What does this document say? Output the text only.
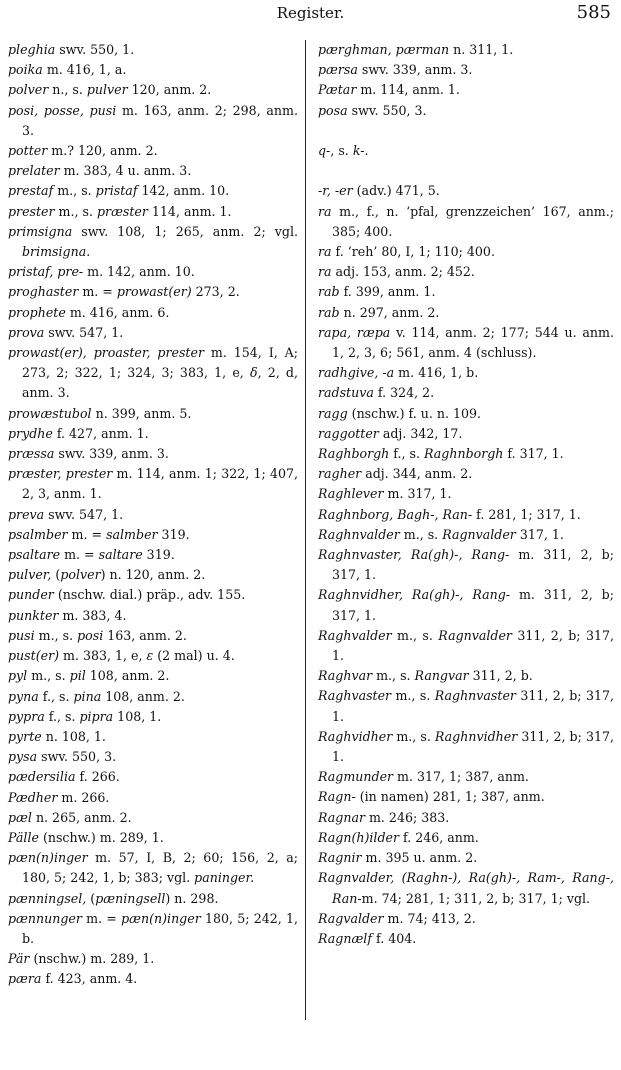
Register.	585

pleghia swv. 550, 1.

poika m. 416, 1, a.

polver n., s. pulver 120, anm. 2.

posi, posse, pusi m. 163, anm. 2; 298, anm. 3.

potter m.? 120, anm. 2.

prelater m. 383, 4 u. anm. 3.

prestaf m., s. pristaf 142, anm. 10.

prester m., s. præster 114, anm. 1.

primsigna swv. 108, 1; 265, anm. 2; vgl. brimsigna.

pristaf, pre- m. 142, anm. 10.

proghaster m. = prowast(er) 273, 2.

prophete m. 416, anm. 6.

prova swv. 547, 1.

prowast(er), proaster, prester m. 154, I, A; 273, 2; 322, 1; 324, 3; 383, 1, e, δ, 2, d, anm. 3.

prowæstubol n. 399, anm. 5.

prydhe f. 427, anm. 1.

præssa swv. 339, anm. 3.

præster, prester m. 114, anm. 1; 322, 1; 407, 2, 3, anm. 1.

preva swv. 547, 1.

psalmber m. = salmber 319.

psaltare m. = saltare 319.

pulver, (polver) n. 120, anm. 2.

punder (nschw. dial.) präp., adv. 155.

punkter m. 383, 4.

pusi m., s. posi 163, anm. 2.

pust(er) m. 383, 1, e, ε (2 mal) u. 4.

pyl m., s. pil 108, anm. 2.

pyna f., s. pina 108, anm. 2.

pypra f., s. pipra 108, 1.

pyrte n. 108, 1.

pysa swv. 550, 3.

pædersilia f. 266.

Pædher m. 266.

pæl n. 265, anm. 2.

Pälle (nschw.) m. 289, 1.

pæn(n)inger m. 57, I, B, 2; 60; 156, 2, a; 180, 5; 242, 1, b; 383; vgl. paninger.

pænningsel, (pæningsell) n. 298.

pænnunger m. = pæn(n)inger 180, 5; 242, 1, b.

Pär (nschw.) m. 289, 1.

pæra f. 423, anm. 4.

pærghman, pærman n. 311, 1.

pærsa swv. 339, anm. 3.

Pætar m. 114, anm. 1.

posa swv. 550, 3.

q-, s. k-.

-r, -er (adv.) 471, 5.

ra m., f., n. ‘pfal, grenzzeichen’ 167, anm.; 385; 400.

ra f. ‘reh’ 80, I, 1; 110; 400.

ra adj. 153, anm. 2; 452.

rab f. 399, anm. 1.

rab n. 297, anm. 2.

rapa, ræpa v. 114, anm. 2; 177; 544 u. anm. 1, 2, 3, 6; 561, anm. 4 (schluss).

radhgive, -a m. 416, 1, b.

radstuva f. 324, 2.

ragg (nschw.) f. u. n. 109.

raggotter adj. 342, 17.

Raghborgh f., s. Raghnborgh f. 317, 1.

ragher adj. 344, anm. 2.

Raghlever m. 317, 1.

Raghnborg, Bagh-, Ran- f. 281, 1; 317, 1.

Raghnvalder m., s. Ragnvalder 317, 1.

Raghnvaster, Ra(gh)-, Rang- m. 311, 2, b; 317, 1.

Raghnvidher, Ra(gh)-, Rang- m. 311, 2, b; 317, 1.

Raghvalder m., s. Ragnvalder 311, 2, b; 317, 1.

Raghvar m., s. Rangvar 311, 2, b.

Raghvaster m., s. Raghnvaster 311, 2, b; 317, 1.

Raghvidher m., s. Raghnvidher 311, 2, b; 317, 1.

Ragmunder m. 317, 1; 387, anm.

Ragn- (in namen) 281, 1; 387, anm.

Ragnar m. 246; 383.

Ragn(h)ilder f. 246, anm.

Ragnir m. 395 u. anm. 2.

Ragnvalder, (Raghn-), Ra(gh)-, Ram-, Rang-, Ran-m. 74; 281, 1; 311, 2, b; 317, 1; vgl.

Ragvalder m. 74; 413, 2.

Ragnælf f. 404.
